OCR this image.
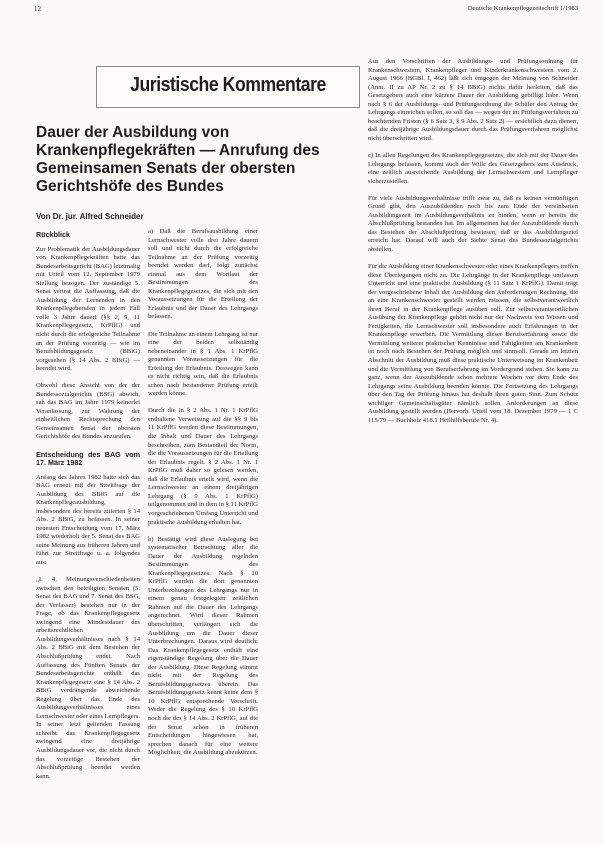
12	Deutsche Krankenpflegezeitschrift 1/1983
Juristische Kommentare
Dauer der Ausbildung von Krankenpflegekräften — Anrufung des Gemeinsamen Senats der obersten Gerichtshöfe des Bundes
Von Dr. jur. Alfred Schneider
Rückblick

Zur Problematik der Ausbildungsdauer von Krankenpflegekräften hatte das Bundesarbeitsgericht (BAG) letztmalig mit Urteil vom 12. September 1979 Stellung bezogen. Der zuständige 5. Senat vertrat die Auffassung, daß die Ausbildung der Lernenden in den Krankenpflegeberufen in jedem Fall volle 3 Jahre dauert (§§ 2, 9, 11 Krankenpflegegesetz, KrPflG) und nicht durch die erfolgreiche Teilnahme an der Prüfung vorzeitig — wie im Berufsbildungsgesetz (BBiG) vorgesehen (§ 14 Abs. 2 BBiG) — beendet wird.

Obwohl diese Ansicht von der der Bundessozialgerichts (BSG) abwich, sah das BAG im Jahre 1979 keinerlei Veranlassung, zur Wahrung der einheitlichen Rechtsprechung den Gemeinsamen Senat der obersten Gerichtshöfe des Bundes anzurufen.

Entscheidung des BAG vom 17. März 1982

Anfang des Jahres 1982 hatte sich das BAG erneut mit der Streitfrage der Ausbildung des BBiG auf die Krankenpflegeausbildung, insbesondere des bereits zitierten § 14 Abs. 2 BBiG, zu befassen. In seiner neuesten Entscheidung vom 17. März 1982 wiederholt der 5. Senat des BAG seine Meinung aus früheren Jahren und führt zur Streitfrage u. a. folgendes aus:

„I. 4. Meinungsverschiedenheiten zwischen den beteiligten Senaten (5. Senat des BAG und 7. Senat des BSG, der Verfasser) bestehen nur in der Frage, ob das Krankenpflegegesetz zwingend eine Mindestdauer des arbeitsrechtlichen Ausbildungsverhältnisses nach § 14 Abs. 2 BBiG mit dem Bestehen der Abschlußprüfung endet. Nach Auffassung des Fünften Senats der Bundesarbeitsgerichte enthält das Krankenpflegegesetz eine § 14 Abs. 2 BBiG verdrängende abweichende Regelung über das Ende des Ausbildungsverhältnisses eines Lernschwester oder eines Lernpflegers. In seiner letzt geltenden Fassung schreibt das Krankenpflegegesetz zwingend eine dreijährige Ausbildungsdauer vor, die nicht durch das vorzeitige Bestehen der Abschlußprüfung beendet werden kann.

a) Daß die Berufsausbildung einer Lernschwester volle drei Jahre dauern soll und nicht durch die erfolgreiche Teilnahme an der Prüfung vorzeitig beendet werden darf, folgt zunächst einmal aus dem Wortlaut der Bestimmungen des Krankenpflegegesetzes, die sich mit den Voraussetzungen für die Erteilung der Erlaubnis und der Dauer des Lehrgangs befassen.

Die Teilnahme an einem Lehrgang ist nur eine der beiden selbständig nebeneinander in § 1 Abs. 1 KrPflG genannten Voraussetzungen für die Erteilung der Erlaubnis. Deswegen kann es nicht richtig sein, daß die Erlaubnis schon nach bestandener Prüfung erteilt werden könne.

Durch die in § 2 Abs. 1 Nr. 1 KrPflG enthaltene Verweisung auf die §§ 9 bis 11 KrPflG werden diese Bestimmungen, die Inhalt und Dauer des Lehrgangs beschreiben, zum Bestandteil der Norm, die die Voraussetzungen für die Erteilung der Erlaubnis regelt. § 2 Abs. 1 Nr. 1 KrPflG muß daher so gelesen werden, daß die Erlaubnis erteilt wird, wenn die Lernschwester an einem dreijährigen Lehrgang (§ 9 Abs. 1 KrPflG) teilgenommen und in dem in § 11 KrPflG vorgeschriebenen Umfang Unterricht und praktische Ausbildung erhalten hat.

b) Bestätigt wird diese Auslegung bei systematischer Betrachtung aller die Dauer der Ausbildung regelnden Bestimmungen des Krankenpflegegesetzes. Nach § 10 KrPflG werden die dort genannten Unterbrechungen des Lehrgangs nur in einem genau festgelegten zeitlichen Rahmen auf die Dauer des Lehrgangs angerechnet. Wird dieser Rahmen überschritten, verlängert sich die Ausbildung um die Dauer dieser Unterbrechungen. Daraus wird deutlich: Das Krankenpflegegesetz enthält eine eigenständige Regelung über die Dauer der Ausbildung. Diese Regelung stimmt nicht mit der Regelung des Berufsbildungsgesetzes überein. Das Berufsbildungsgesetz kennt keine dem § 10 KrPflG entsprechende Vorschrift. Weder die Regelung des § 10 KrPflG noch die des § 14 Abs. 2 KrPflG, auf die der Senat schon in früheren Entscheidungen hingewiesen hat, sprechen danach für eine weitere Möglichkeit, die Ausbildung abzukürzen.

Aus den Vorschriften der Ausbildungs- und Prüfungsordnung für Krankenschwestern, Krankenpfleger und Kinderkrankenschwestern vom 2. August 1966 (BGBl. I, 462) läßt sich entgegen der Meinung von Schneider (Anm. II zu AP Nr. 2 zu § 14 BBiG) nichts dafür herleiten, daß das Gesetzgebers auch eine kürzere Dauer der Ausbildung gebilligt habe. Wenn nach § 6 der Ausbildungs- und Prüfungsordnung die Schüler den Antrag der Lehrgangs einreichen sollen, so soll das — wegen der im Prüfungsverfahren zu beachtenden Fristen (§ 6 Satz 3, § 9 Abs. 2 Satz 2) — ersichtlich dazu dienen, daß die dreijährige Ausbildungsdauer durch das Prüfungsverfahren möglichst nicht überschritten wird.

c) In allen Regelungen des Krankenpflegegesetzes, die sich mit der Dauer des Lehrgangs befassen, kommt auch der Wille des Gesetzgebers zum Ausdruck, eine zeitlich ausreichende Ausbildung der Lernschwestern und Lernpfleger sicherzustellen.

Für viele Ausbildungsverhältnisse trifft zwar zu, daß es keinen vernünftigen Grund gibt, den Auszubildenden noch bis zum Ende der vereinbarten Ausbildungszeit im Ausbildungsverhältnis zu binden, wenn er bereits die Abschlußprüfung bestanden hat. Im allgemeinen hat der Auszubildende durch das Bestehen der Abschlußprüfung bewiesen, daß er das Ausbildungsziel erreicht hat. Darauf will auch der Siebte Senat des Bundessozialgerichts abstellen.

Für die Ausbildung einer Krankenschwester oder eines Krankenpflegers treffen diese Überlegungen nicht zu. Die Lehrgänge in der Krankenpflege umfassen Unterricht und eine praktische Ausbildung (§ 11 Satz 1 KrPflG). Damit trägt der vorgeschriebene Inhalt der Ausbildung den Anforderungen Rechnung, die an eine Krankenschwester gestellt werden müssen, die selbstverantwortlich ihren Beruf in der Krankenpflege ausüben soll. Zur selbstverantwortlichen Ausübung der Krankenpflege gehört nicht nur der Nachweis von Wissen und Fertigkeiten, die Lernschwester soll insbesondere auch Erfahrungen in der Krankenpflege erwerben. Die Vermittlung dieser Berufserfahrung sowie die Vermittlung weiterer praktischer Kenntnisse und Fähigkeiten am Krankenbett ist noch nach Bestehen der Prüfung möglich und sinnvoll. Gerade im letzten Abschnitt der Ausbildung muß diese praktische Unterweisung im Krankenbett und die Vermittlung von Berufserfahrung im Vordergrund stehen. Sie kann zu ganz, wenn der Auszubildende schon mehrere Wochen vor dem Ende des Lehrgangs seine Ausbildung beenden könnte. Die Fortsetzung des Lehrgangs über den Tag der Prüfung hinaus hat deshalb ihren guten Sinn. Zum Schutz wichtiger Gemeinschaftsgüter nämlich sollen Anforderungen an diese Ausbildung gestellt werden (Hervorh. Urteil vom 18. Dezember 1979 — 1 C 115/79 — Buchholz 418.1 Heilhilfsberufe Nr. 4).
